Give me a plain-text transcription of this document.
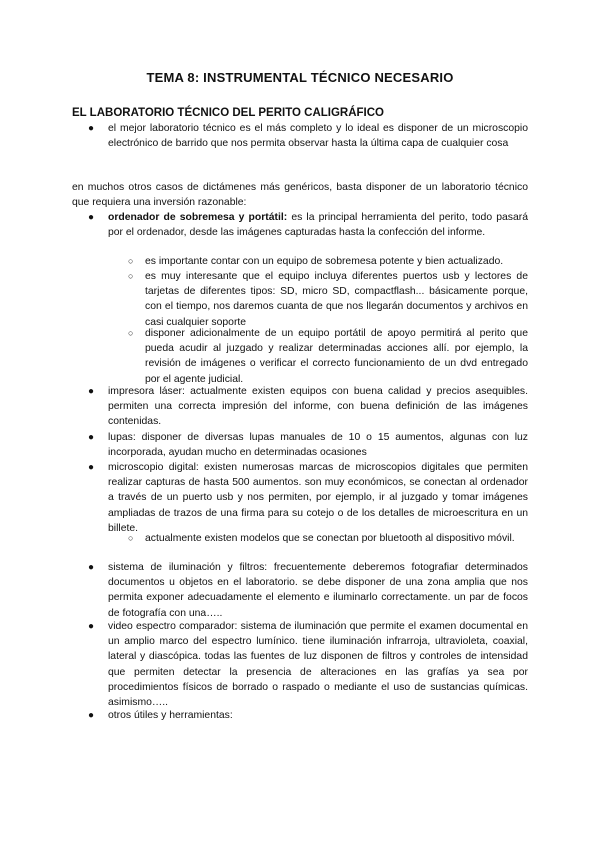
TEMA 8: INSTRUMENTAL TÉCNICO NECESARIO
EL LABORATORIO TÉCNICO DEL PERITO CALIGRÁFICO
● el mejor laboratorio técnico es el más completo y lo ideal es disponer de un microscopio electrónico de barrido que nos permita observar hasta la última capa de cualquier cosa
en muchos otros casos de dictámenes más genéricos, basta disponer de un laboratorio técnico que requiera una inversión razonable:
● ordenador de sobremesa y portátil: es la principal herramienta del perito, todo pasará por el ordenador, desde las imágenes capturadas hasta la confección del informe.
○ es importante contar con un equipo de sobremesa potente y bien actualizado.
○ es muy interesante que el equipo incluya diferentes puertos usb y lectores de tarjetas de diferentes tipos: SD, micro SD, compactflash... básicamente porque, con el tiempo, nos daremos cuanta de que nos llegarán documentos y archivos en casi cualquier soporte
○ disponer adicionalmente de un equipo portátil de apoyo permitirá al perito que pueda acudir al juzgado y realizar determinadas acciones allí. por ejemplo, la revisión de imágenes o verificar el correcto funcionamiento de un dvd entregado por el agente judicial.
● impresora láser: actualmente existen equipos con buena calidad y precios asequibles. permiten una correcta impresión del informe, con buena definición de las imágenes contenidas.
● lupas: disponer de diversas lupas manuales de 10 o 15 aumentos, algunas con luz incorporada, ayudan mucho en determinadas ocasiones
● microscopio digital: existen numerosas marcas de microscopios digitales que permiten realizar capturas de hasta 500 aumentos. son muy económicos, se conectan al ordenador a través de un puerto usb y nos permiten, por ejemplo, ir al juzgado y tomar imágenes ampliadas de trazos de una firma para su cotejo o de los detalles de microescritura en un billete.
○ actualmente existen modelos que se conectan por bluetooth al dispositivo móvil.
● sistema de iluminación y filtros: frecuentemente deberemos fotografiar determinados documentos u objetos en el laboratorio. se debe disponer de una zona amplia que nos permita exponer adecuadamente el elemento e iluminarlo correctamente. un par de focos de fotografía con una…..
● video espectro comparador: sistema de iluminación que permite el examen documental en un amplio marco del espectro lumínico. tiene iluminación infrarroja, ultravioleta, coaxial, lateral y diascópica. todas las fuentes de luz disponen de filtros y controles de intensidad que permiten detectar la presencia de alteraciones en las grafías ya sea por procedimientos físicos de borrado o raspado o mediante el uso de sustancias químicas. asimismo…..
● otros útiles y herramientas:
